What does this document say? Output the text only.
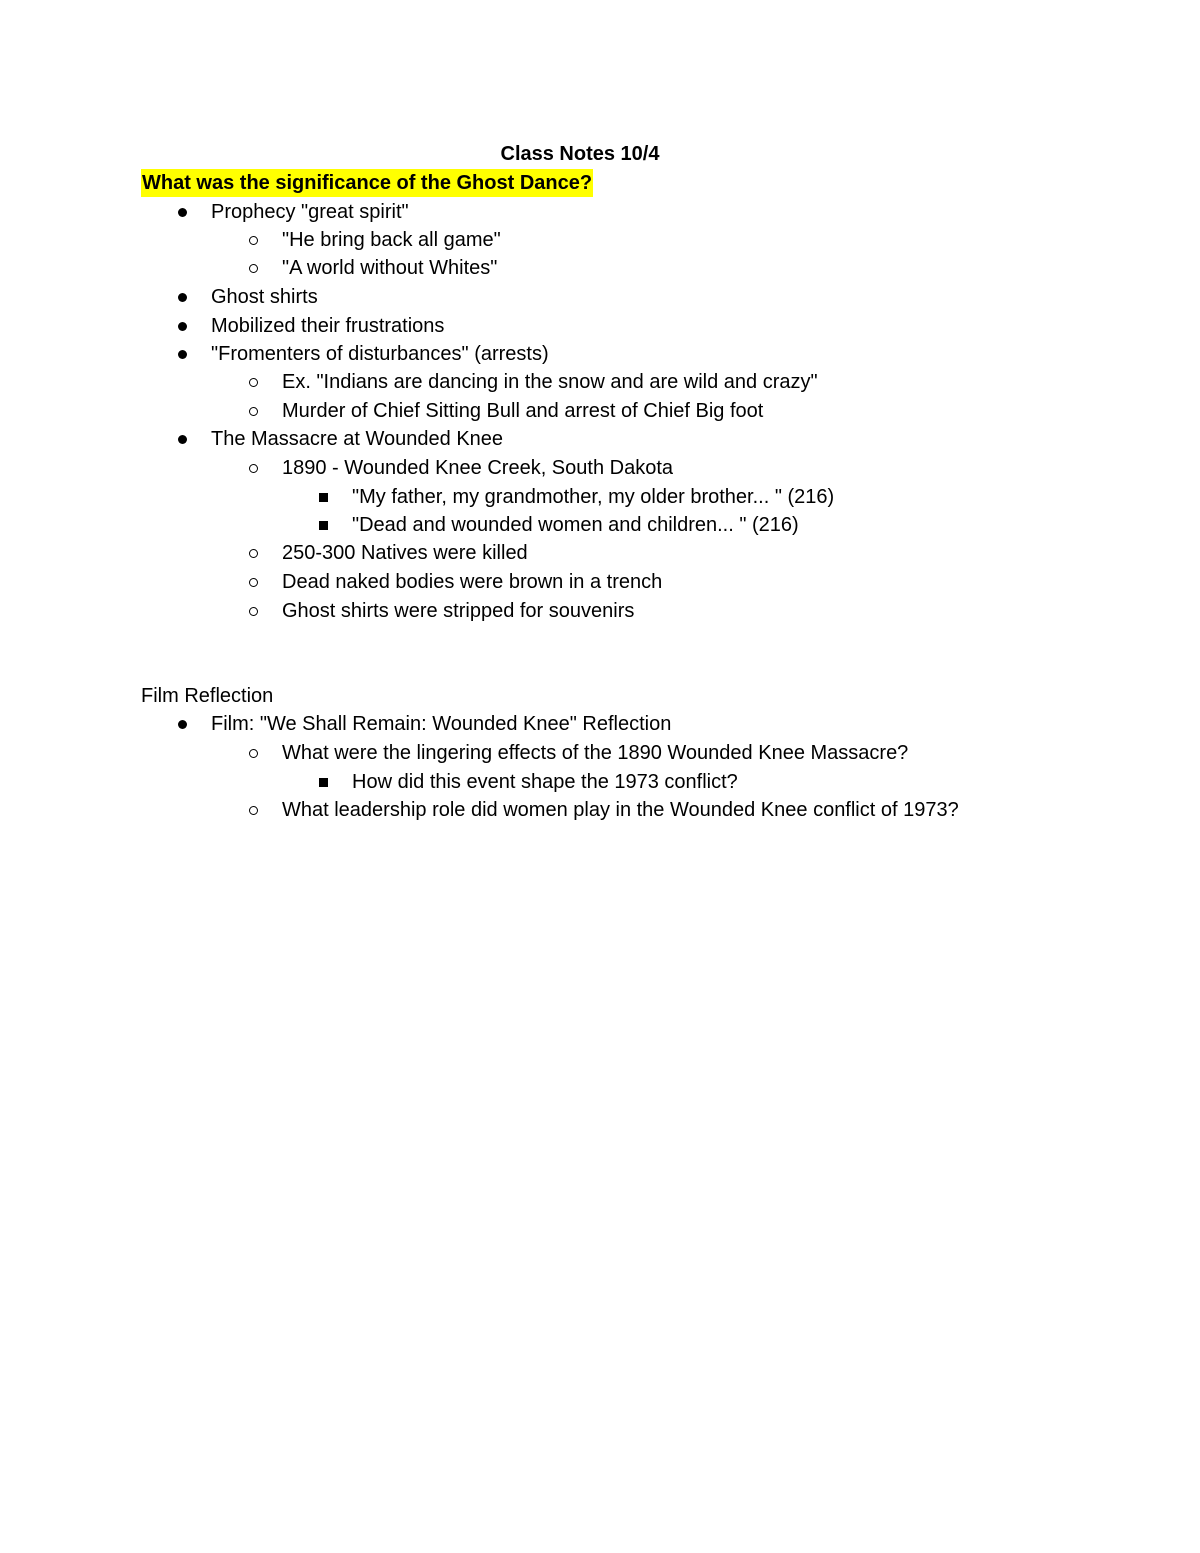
Class Notes 10/4
What was the significance of the Ghost Dance?
Prophecy "great spirit"
"He bring back all game"
"A world without Whites"
Ghost shirts
Mobilized their frustrations
"Fromenters of disturbances" (arrests)
Ex. "Indians are dancing in the snow and are wild and crazy"
Murder of Chief Sitting Bull and arrest of Chief Big foot
The Massacre at Wounded Knee
1890 - Wounded Knee Creek, South Dakota
"My father, my grandmother, my older brother... " (216)
"Dead and wounded women and children... " (216)
250-300 Natives were killed
Dead naked bodies were brown in a trench
Ghost shirts were stripped for souvenirs
Film Reflection
Film: "We Shall Remain: Wounded Knee" Reflection
What were the lingering effects of the 1890 Wounded Knee Massacre?
How did this event shape the 1973 conflict?
What leadership role did women play in the Wounded Knee conflict of 1973?
